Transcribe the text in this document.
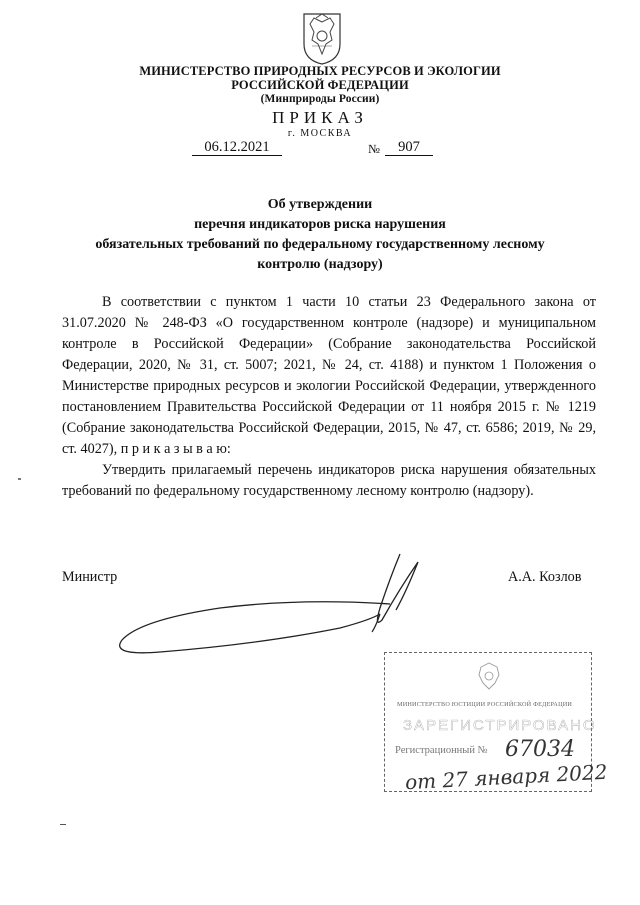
МИНИСТЕРСТВО ПРИРОДНЫХ РЕСУРСОВ И ЭКОЛОГИИ
РОССИЙСКОЙ ФЕДЕРАЦИИ
(Минприроды России)
ПРИКАЗ
г. МОСКВА
06.12.2021	№	907
Об утверждении
перечня индикаторов риска нарушения
обязательных требований по федеральному государственному лесному
контролю (надзору)

В соответствии с пунктом 1 части 10 статьи 23 Федерального закона от 31.07.2020 № 248-ФЗ «О государственном контроле (надзоре) и муниципальном контроле в Российской Федерации» (Собрание законодательства Российской Федерации, 2020, № 31, ст. 5007; 2021, № 24, ст. 4188) и пунктом 1 Положения о Министерстве природных ресурсов и экологии Российской Федерации, утвержденного постановлением Правительства Российской Федерации от 11 ноября 2015 г. № 1219 (Собрание законодательства Российской Федерации, 2015, № 47, ст. 6586; 2019, № 29, ст. 4027), п р и к а з ы в а ю:

Утвердить прилагаемый перечень индикаторов риска нарушения обязательных требований по федеральному государственному лесному контролю (надзору).

Министр	А.А. Козлов
МИНИСТЕРСТВО ЮСТИЦИИ РОССИЙСКОЙ ФЕДЕРАЦИИ
ЗАРЕГИСТРИРОВАНО
Регистрационный № 67034
от 27 января 2022
